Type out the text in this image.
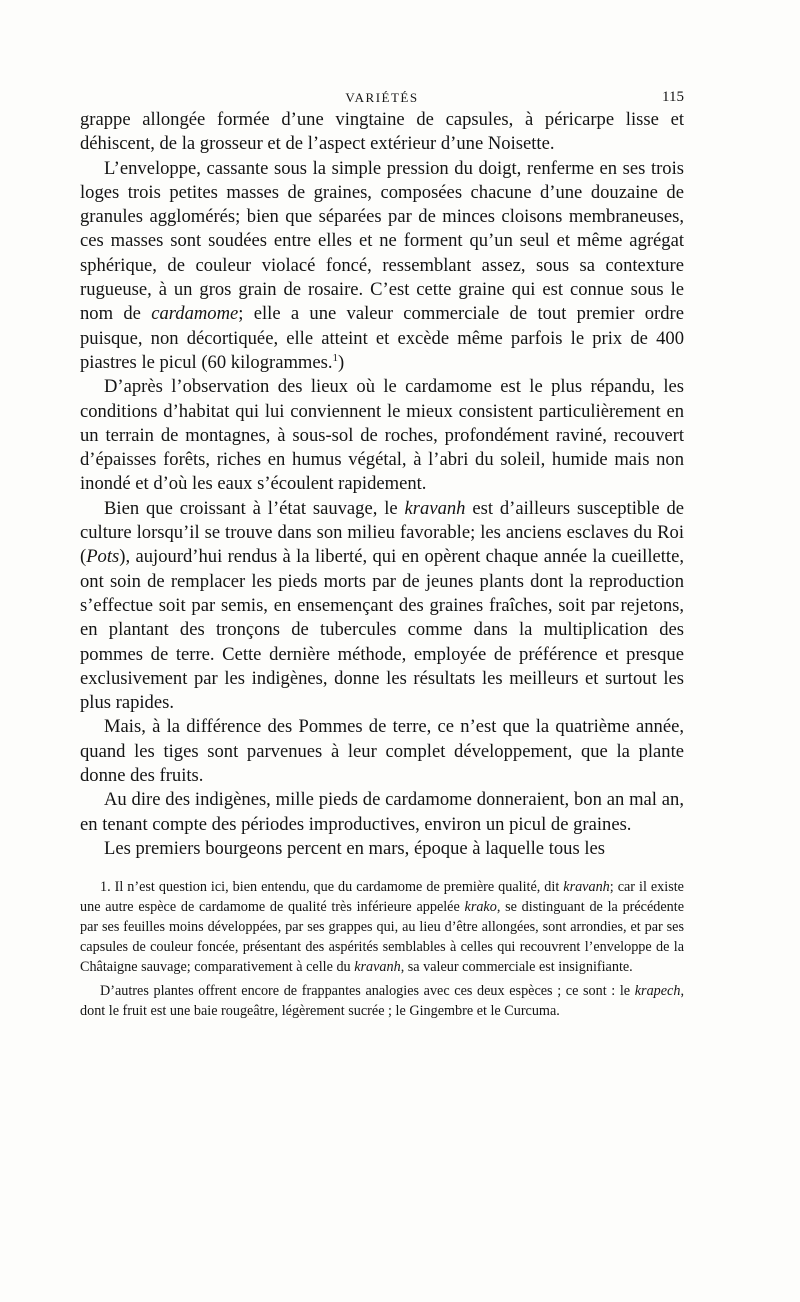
VARIÉTÉS	115

grappe allongée formée d’une vingtaine de capsules, à péricarpe lisse et déhiscent, de la grosseur et de l’aspect extérieur d’une Noisette.

L’enveloppe, cassante sous la simple pression du doigt, renferme en ses trois loges trois petites masses de graines, composées chacune d’une douzaine de granules agglomérés; bien que séparées par de minces cloisons membraneuses, ces masses sont soudées entre elles et ne forment qu’un seul et même agrégat sphérique, de couleur violacé foncé, ressemblant assez, sous sa contexture rugueuse, à un gros grain de rosaire. C’est cette graine qui est connue sous le nom de cardamome; elle a une valeur commerciale de tout premier ordre puisque, non décortiquée, elle atteint et excède même parfois le prix de 400 piastres le picul (60 kilogrammes.$^1$)

D’après l’observation des lieux où le cardamome est le plus répandu, les conditions d’habitat qui lui conviennent le mieux consistent particulièrement en un terrain de montagnes, à sous-sol de roches, profondément raviné, recouvert d’épaisses forêts, riches en humus végétal, à l’abri du soleil, humide mais non inondé et d’où les eaux s’écoulent rapidement.

Bien que croissant à l’état sauvage, le kravanh est d’ailleurs susceptible de culture lorsqu’il se trouve dans son milieu favorable; les anciens esclaves du Roi (Pots), aujourd’hui rendus à la liberté, qui en opèrent chaque année la cueillette, ont soin de remplacer les pieds morts par de jeunes plants dont la reproduction s’effectue soit par semis, en ensemençant des graines fraîches, soit par rejetons, en plantant des tronçons de tubercules comme dans la multiplication des pommes de terre. Cette dernière méthode, employée de préférence et presque exclusivement par les indigènes, donne les résultats les meilleurs et surtout les plus rapides.

Mais, à la différence des Pommes de terre, ce n’est que la quatrième année, quand les tiges sont parvenues à leur complet développement, que la plante donne des fruits.

Au dire des indigènes, mille pieds de cardamome donneraient, bon an mal an, en tenant compte des périodes improductives, environ un picul de graines.

Les premiers bourgeons percent en mars, époque à laquelle tous les

1. Il n’est question ici, bien entendu, que du cardamome de première qualité, dit kravanh; car il existe une autre espèce de cardamome de qualité très inférieure appelée krako, se distinguant de la précédente par ses feuilles moins développées, par ses grappes qui, au lieu d’être allongées, sont arrondies, et par ses capsules de couleur foncée, présentant des aspérités semblables à celles qui recouvrent l’enveloppe de la Châtaigne sauvage; comparativement à celle du kravanh, sa valeur commerciale est insignifiante.

D’autres plantes offrent encore de frappantes analogies avec ces deux espèces ; ce sont : le krapech, dont le fruit est une baie rougeâtre, légèrement sucrée ; le Gingembre et le Curcuma.
